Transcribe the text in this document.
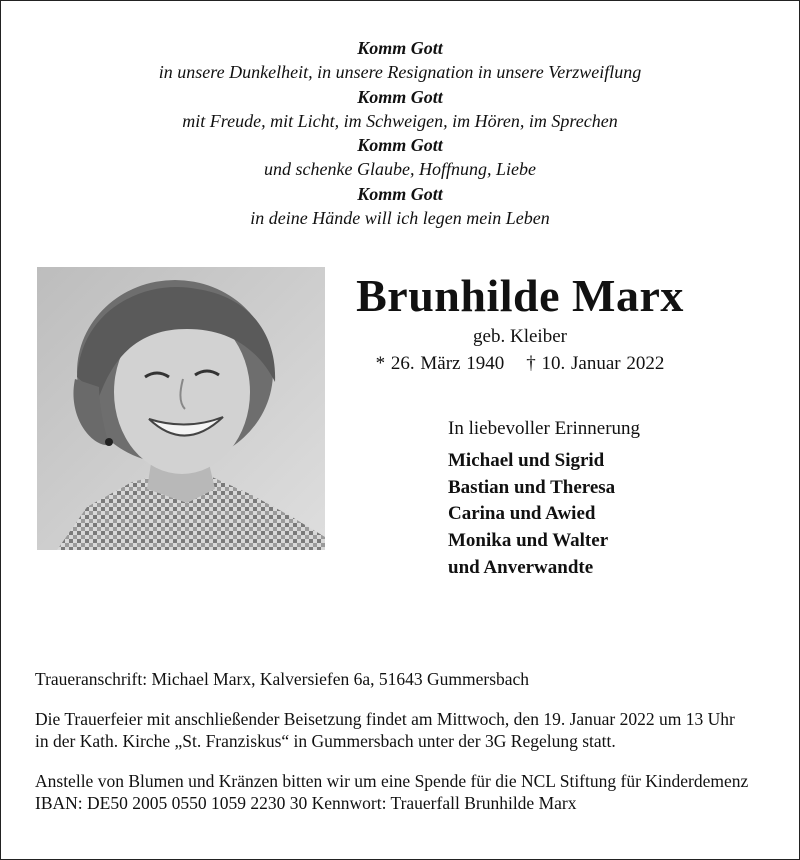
Komm Gott
in unsere Dunkelheit, in unsere Resignation in unsere Verzweiflung
Komm Gott
mit Freude, mit Licht, im Schweigen, im Hören, im Sprechen
Komm Gott
und schenke Glaube, Hoffnung, Liebe
Komm Gott
in deine Hände will ich legen mein Leben
Brunhilde Marx
geb. Kleiber
* 26. März 1940 † 10. Januar 2022
In liebevoller Erinnerung
Michael und Sigrid
Bastian und Theresa
Carina und Awied
Monika und Walter
und Anverwandte

Traueranschrift: Michael Marx, Kalversiefen 6a, 51643 Gummersbach

Die Trauerfeier mit anschließender Beisetzung findet am Mittwoch, den 19. Januar 2022 um 13 Uhr
in der Kath. Kirche „St. Franziskus“ in Gummersbach unter der 3G Regelung statt.

Anstelle von Blumen und Kränzen bitten wir um eine Spende für die NCL Stiftung für Kinderdemenz
IBAN: DE50 2005 0550 1059 2230 30 Kennwort: Trauerfall Brunhilde Marx
